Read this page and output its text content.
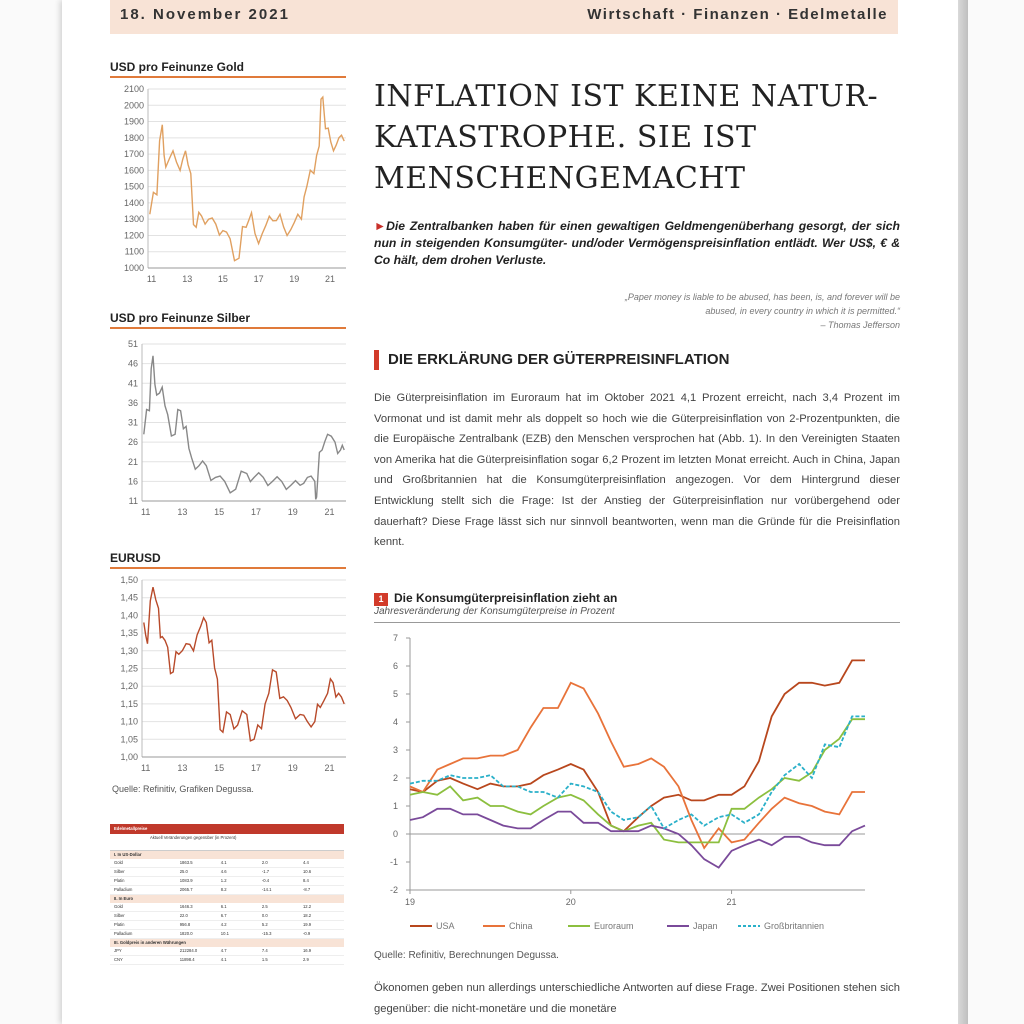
18. November 2021	Wirtschaft · Finanzen · Edelmetalle
USD pro Feinunze Gold
1000
1100
1200
1300
1400
1500
1600
1700
1800
1900
2000
2100
11	13	15	17	19	21
USD pro Feinunze Silber
11
16
21
26
31
36
41
46
51
11	13	15	17	19	21
EURUSD
1,00
1,05
1,10
1,15
1,20
1,25
1,30
1,35
1,40
1,45
1,50
11	13	15	17	19	21
Quelle: Refinitiv, Grafiken Degussa.
Edelmetallpreise
Aktuell Veränderungen gegenüber (in Prozent)
I. In US-Dollar
Gold	1863.5	4.1	2.0	4.4
Silber	25.0	4.6	-1.7	10.6
Platin	1083.9	1.2	-0.4	8.4
Palladium	2065.7	8.2	-14.1	-8.7
II. In Euro
Gold	1646.3	6.1	2.5	12.2
Silber	22.0	6.7	0.0	18.2
Platin	956.8	4.2	5.2	19.9
Palladium	1820.0	10.1	-15.3	-0.9
III. Goldpreis in anderen Währungen
JPY	212284.0	4.7	7.4	16.9
CNY	11898.4	4.1	1.5	2.9
INFLATION IST KEINE NATUR-KATASTROPHE. SIE IST MENSCHENGEMACHT
►Die Zentralbanken haben für einen gewaltigen Geldmengenüberhang gesorgt, der sich nun in steigenden Konsumgüter- und/oder Vermögenspreisinflation entlädt. Wer US$, € & Co hält, dem drohen Verluste.
„Paper money is liable to be abused, has been, is, and forever will be
abused, in every country in which it is permitted.“
– Thomas Jefferson
DIE ERKLÄRUNG DER GÜTERPREISINFLATION
Die Güterpreisinflation im Euroraum hat im Oktober 2021 4,1 Prozent erreicht, nach 3,4 Prozent im Vormonat und ist damit mehr als doppelt so hoch wie die Güterpreisinflation von 2-Prozentpunkten, die die Europäische Zentralbank (EZB) den Menschen versprochen hat (Abb. 1). In den Vereinigten Staaten von Amerika hat die Güterpreisinflation sogar 6,2 Prozent im letzten Monat erreicht. Auch in China, Japan und Großbritannien hat die Konsumgüterpreisinflation angezogen. Vor dem Hintergrund dieser Entwicklung stellt sich die Frage: Ist der Anstieg der Güterpreisinflation nur vorübergehend oder dauerhaft? Diese Frage lässt sich nur sinnvoll beantworten, wenn man die Gründe für die Preisinflation kennt.
1 Die Konsumgüterpreisinflation zieht an
Jahresveränderung der Konsumgüterpreise in Prozent
-2
-1
0
1
2
3
4
5
6
7
19	20	21
USA	China	Euroraum	Japan	Großbritannien
Quelle: Refinitiv, Berechnungen Degussa.
Ökonomen geben nun allerdings unterschiedliche Antworten auf diese Frage. Zwei Positionen stehen sich gegenüber: die nicht-monetäre und die monetäre
